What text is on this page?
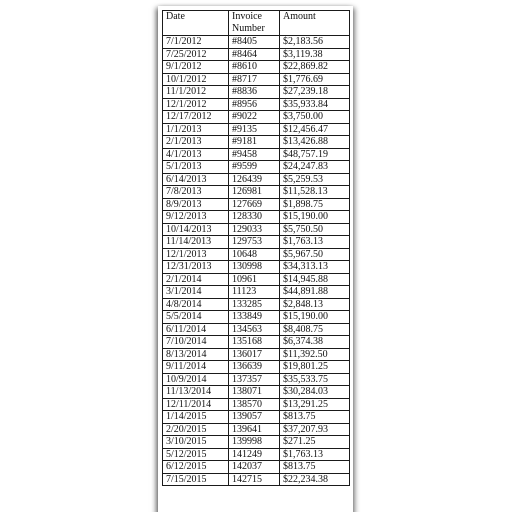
Date	Invoice Number	Amount
7/1/2012	#8405	$2,183.56
7/25/2012	#8464	$3,119.38
9/1/2012	#8610	$22,869.82
10/1/2012	#8717	$1,776.69
11/1/2012	#8836	$27,239.18
12/1/2012	#8956	$35,933.84
12/17/2012	#9022	$3,750.00
1/1/2013	#9135	$12,456.47
2/1/2013	#9181	$13,426.88
4/1/2013	#9458	$48,757.19
5/1/2013	#9599	$24,247.83
6/14/2013	126439	$5,259.53
7/8/2013	126981	$11,528.13
8/9/2013	127669	$1,898.75
9/12/2013	128330	$15,190.00
10/14/2013	129033	$5,750.50
11/14/2013	129753	$1,763.13
12/1/2013	10648	$5,967.50
12/31/2013	130998	$34,313.13
2/1/2014	10961	$14,945.88
3/1/2014	11123	$44,891.88
4/8/2014	133285	$2,848.13
5/5/2014	133849	$15,190.00
6/11/2014	134563	$8,408.75
7/10/2014	135168	$6,374.38
8/13/2014	136017	$11,392.50
9/11/2014	136639	$19,801.25
10/9/2014	137357	$35,533.75
11/13/2014	138071	$30,284.03
12/11/2014	138570	$13,291.25
1/14/2015	139057	$813.75
2/20/2015	139641	$37,207.93
3/10/2015	139998	$271.25
5/12/2015	141249	$1,763.13
6/12/2015	142037	$813.75
7/15/2015	142715	$22,234.38
